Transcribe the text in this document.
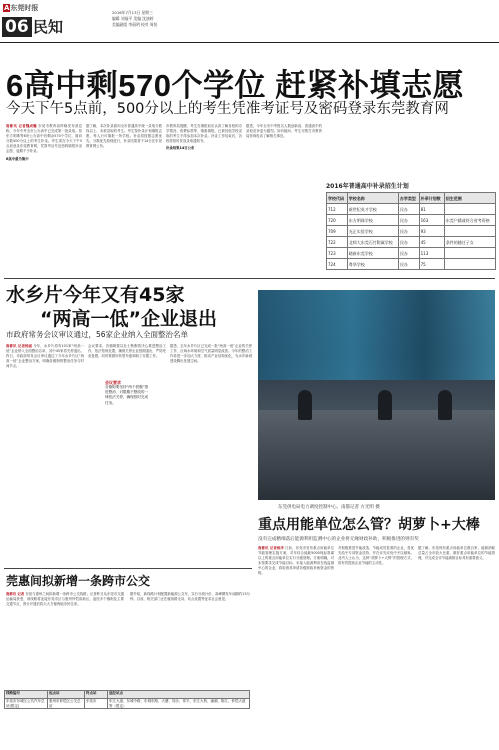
A东莞时报
06 民知
2016年7月13日 星期三
编辑 刘福平 美编 沈演婷
美编副组 李丽明 校对 周怡
6高中剩570个学位 赶紧补填志愿
今天下午5点前，500分以上的考生凭准考证号及密码登录东莞教育网
南都讯 记者魏成巍 东莞市教育局昨晚发布消息称，今年中考全市公办高中已完成第一批录取。但东方明珠等6所公办高中仍剩余570个学位，面向分数500分以上的考生补录。考生须在今天下午5点前登录东莞教育网，凭准考证号及密码填报补录志愿，逾期不予补录。
6高中最为集中
据了解，本次补录面向全市普通高中统一录取分数线以上、未被录取的考生。考生按补录计划填报志愿，每人只可填报一所学校。补录将按照志愿优先、分数优先原则进行，补录结果将于14日在东莞教育网公布。
市教育局提醒，考生在填报前应认真了解各校的办学情况、收费标准等，慎重填报。已被其他学校录取的考生不得参加本次补录。补录工作结束后，各校将按时发放录取通知书。
补录结果14日公布
据悉，今年全市中考报名人数创新高，普通高中的录取竞争更为激烈。如有疑问，考生可拨打市教育局咨询电话了解相关事宜。
2016年普通高中补录招生计划
学校代码	学校名称	办学类型	补录计划数	招生范围
712	新世纪英才学校	民办	81	
720	东方明珠学校	民办	163	东莞户籍或符合省考资格
709	光正实验学校	民办	93	
722	北师大东莞石竹附属学校	民办	45	条件的随迁子女
723	晓新东莞学校	民办	113	
724	粤华学校	民办	75	
水乡片今年又有45家
“两高一低”企业退出
市政府常务会议审议通过，56家企业纳入全面整治名单
南都讯 记者杨丽 今年，水乡片将有101家“两高一低”企业纳入全面整治名单，其中45家将关停退出。昨日，市政府常务会议审议通过了今年水乡片区“两高一低”企业整治方案，明确各镇街的整治任务与时间节点。
会议要求，各镇街要以壮士断腕的决心推进整治工作，依法依规处置，确保关停企业按期退出，严防死灰复燃，同时要做好转型升级和职工安置工作。
会议要求
各镇街要坚持“两个铁腕”推进整治，对限期不整改的一律依法关停，确保按时完成任务。
据悉，去年水乡片区已完成一批“两高一低”企业的关停工作，区域水环境和空气质量明显改善。今年的整治工作将进一步加大力度，推动产业结构优化，为水乡新城建设腾出发展空间。
东莞供电局电力调度控制中心。南都记者 方光明 摄
重点用能单位怎么管？胡萝卜+大棒
没有完成精细落后能源利用监测中心的企业将无缘财政补助，积极推进的则有奖
南都讯 记者杨洋 日前，东莞市发布重点用能单位节能管理实施方案，对年综合能耗5000吨标准煤以上的重点用能单位实行分级管理。方案明确，对未按要求完成节能目标、未接入能源利用在线监测中心的企业，将取消其申请各级财政补助资金的资格。
对积极推进节能改造、节能成效显著的企业，将优先给予专项资金扶持，并在评先评优中予以倾斜。业内人士认为，这种“胡萝卜+大棒”的管理方式，将有效提高企业节能的主动性。
据了解，东莞现有重点用能单位数百家，能源消耗总量占全市较大比重，做好重点用能单位的节能管理，对完成全市节能减排目标具有重要意义。
莞惠间拟新增一条跨市公交
南都讯 记者 东莞与惠州之间拟新增一条跨市公交线路。记者昨日从东莞市交通运输局获悉，该线路将连接东莞市区与惠州仲恺高新区，途经多个镇街及主要交通节点，预计开通后将大大方便两地市民往来。
据介绍，新线路计划配置新能源公交车，实行分段计价，高峰期发车间隔约15分钟。目前，相关部门正在就线路走向、站点设置等征求社会意见。
线路编号	起点站	终点站	途经站点
东莞市东城区公共汽车总站(暂定)	惠州市仲恺区公交总站	东莞市	东江大道、东城中路、东城东路、大塘、同沙、常平、东江大桥、潼湖、陈江、仲恺大道等（暂定）
